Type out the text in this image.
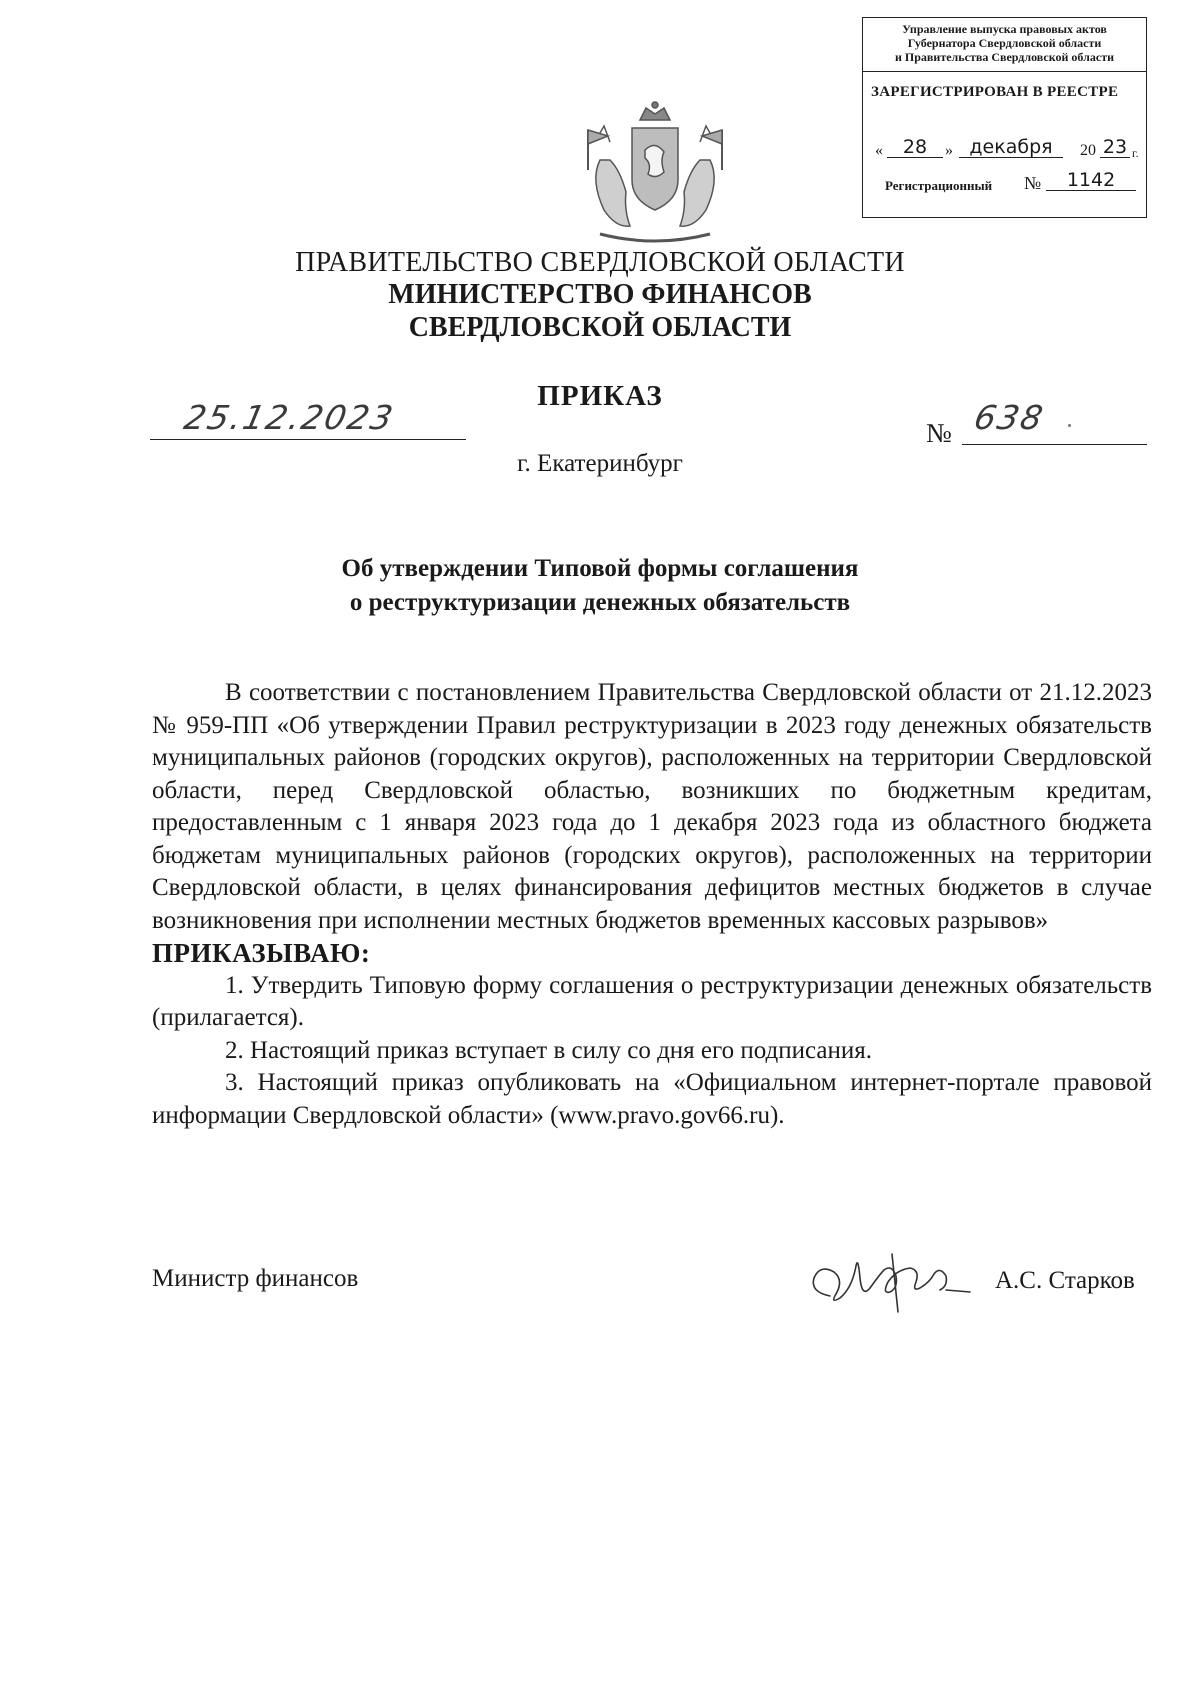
Управление выпуска правовых актов
Губернатора Свердловской области
и Правительства Свердловской области
ЗАРЕГИСТРИРОВАН В РЕЕСТРЕ
«	28	» декабря	20 23 г.
Регистрационный №	1142
ПРАВИТЕЛЬСТВО СВЕРДЛОВСКОЙ ОБЛАСТИ
МИНИСТЕРСТВО ФИНАНСОВ
СВЕРДЛОВСКОЙ ОБЛАСТИ
ПРИКАЗ
25.12.2023	№ 638
г. Екатеринбург
Об утверждении Типовой формы соглашения
о реструктуризации денежных обязательств

В соответствии с постановлением Правительства Свердловской области от 21.12.2023 № 959-ПП «Об утверждении Правил реструктуризации в 2023 году денежных обязательств муниципальных районов (городских округов), расположенных на территории Свердловской области, перед Свердловской областью, возникших по бюджетным кредитам, предоставленным с 1 января 2023 года до 1 декабря 2023 года из областного бюджета бюджетам муниципальных районов (городских округов), расположенных на территории Свердловской области, в целях финансирования дефицитов местных бюджетов в случае возникновения при исполнении местных бюджетов временных кассовых разрывов»

ПРИКАЗЫВАЮ:

1. Утвердить Типовую форму соглашения о реструктуризации денежных обязательств (прилагается).

2. Настоящий приказ вступает в силу со дня его подписания.

3. Настоящий приказ опубликовать на «Официальном интернет-портале правовой информации Свердловской области» (www.pravo.gov66.ru).

Министр финансов	А.С. Старков
